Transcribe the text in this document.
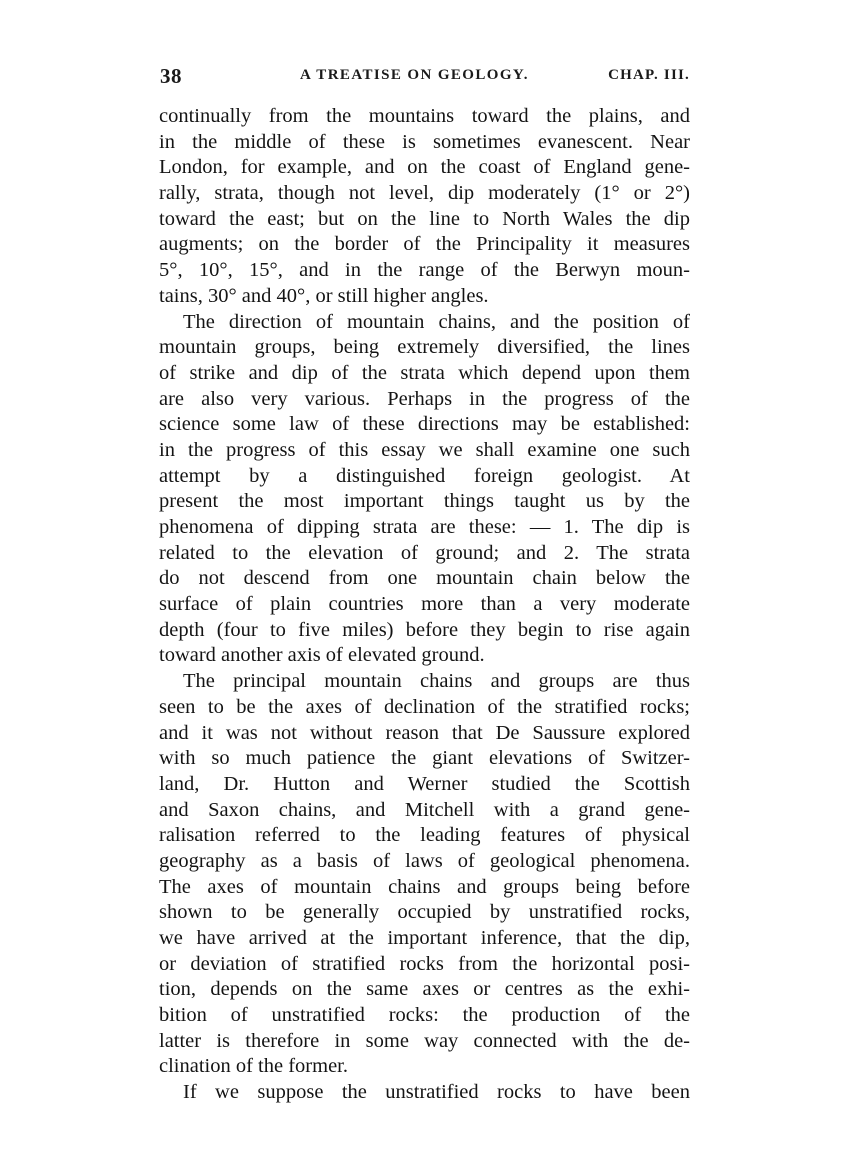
38	A TREATISE ON GEOLOGY.	CHAP. III.
continually from the mountains toward the plains, and
in the middle of these is sometimes evanescent. Near
London, for example, and on the coast of England gene-
rally, strata, though not level, dip moderately (1° or 2°)
toward the east; but on the line to North Wales the dip
augments; on the border of the Principality it measures
5°, 10°, 15°, and in the range of the Berwyn moun-
tains, 30° and 40°, or still higher angles.
The direction of mountain chains, and the position of
mountain groups, being extremely diversified, the lines
of strike and dip of the strata which depend upon them
are also very various. Perhaps in the progress of the
science some law of these directions may be established:
in the progress of this essay we shall examine one such
attempt by a distinguished foreign geologist. At
present the most important things taught us by the
phenomena of dipping strata are these: — 1. The dip is
related to the elevation of ground; and 2. The strata
do not descend from one mountain chain below the
surface of plain countries more than a very moderate
depth (four to five miles) before they begin to rise again
toward another axis of elevated ground.
The principal mountain chains and groups are thus
seen to be the axes of declination of the stratified rocks;
and it was not without reason that De Saussure explored
with so much patience the giant elevations of Switzer-
land, Dr. Hutton and Werner studied the Scottish
and Saxon chains, and Mitchell with a grand gene-
ralisation referred to the leading features of physical
geography as a basis of laws of geological phenomena.
The axes of mountain chains and groups being before
shown to be generally occupied by unstratified rocks,
we have arrived at the important inference, that the dip,
or deviation of stratified rocks from the horizontal posi-
tion, depends on the same axes or centres as the exhi-
bition of unstratified rocks: the production of the
latter is therefore in some way connected with the de-
clination of the former.
If we suppose the unstratified rocks to have been
